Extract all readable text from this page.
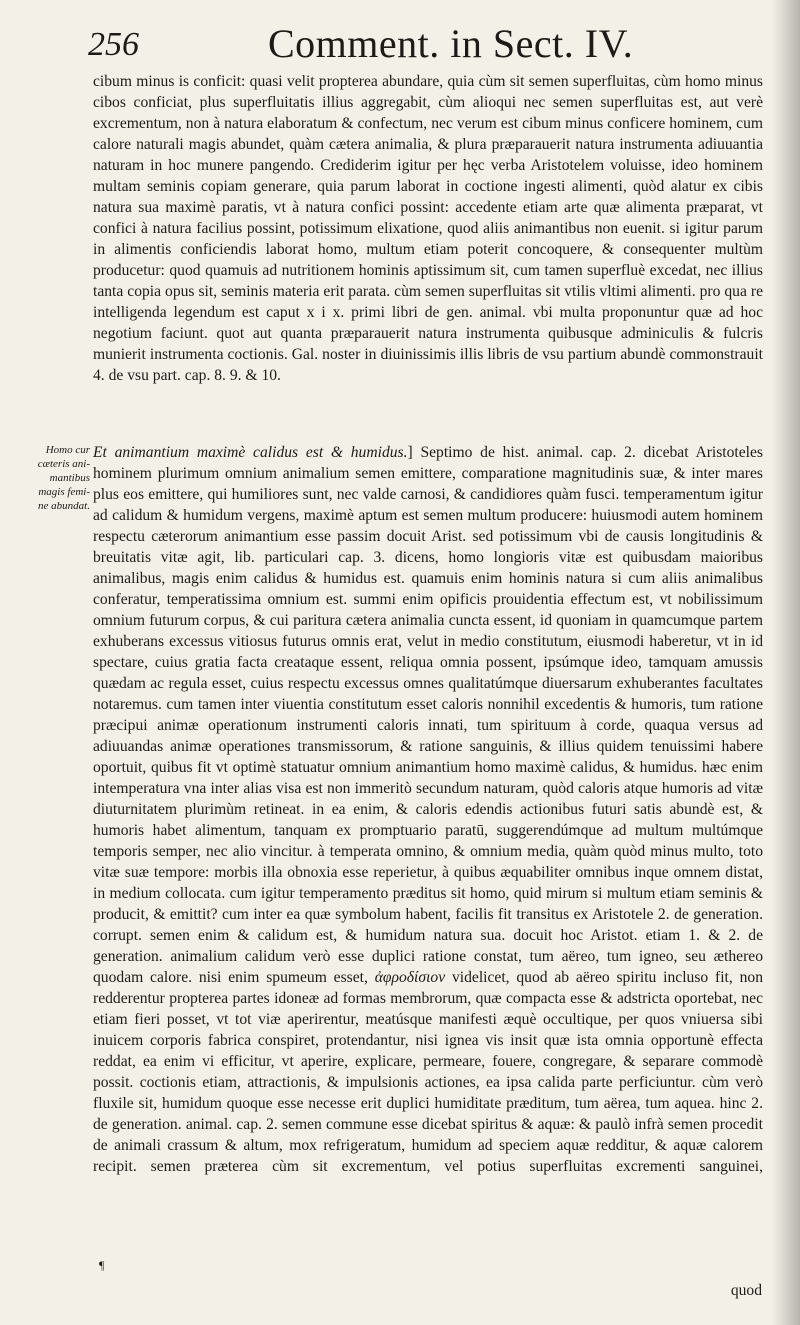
256	Comment. in Sect. IV.
cibum minus is conficit: quasi velit propterea abundare, quia cùm sit semen superfluitas, cùm homo minus cibos conficiat, plus superfluitatis illius aggregabit, cùm alioqui nec semen superfluitas est, aut verè excrementum, non à natura elaboratum & confectum, nec verum est cibum minus conficere hominem, cum calore naturali magis abundet, quàm cætera animalia, & plura præparauerit natura instrumenta adiuuantia naturam in hoc munere pangendo. Crediderim igitur per hęc verba Aristotelem voluisse, ideo hominem multam seminis copiam generare, quia parum laborat in coctione ingesti alimenti, quòd alatur ex cibis natura sua maximè paratis, vt à natura confici possint: accedente etiam arte quæ alimenta præparat, vt confici à natura facilius possint, potissimum elixatione, quod aliis animantibus non euenit. si igitur parum in alimentis conficiendis laborat homo, multum etiam poterit concoquere, & consequenter multùm producetur: quod quamuis ad nutritionem hominis aptissimum sit, cum tamen superfluè excedat, nec illius tanta copia opus sit, seminis materia erit parata. cùm semen superfluitas sit vtilis vltimi alimenti. pro qua re intelligenda legendum est caput x i x. primi libri de gen. animal. vbi multa proponuntur quæ ad hoc negotium faciunt. quot aut quanta præparauerit natura instrumenta quibusque adminiculis & fulcris munierit instrumenta coctionis. Gal. noster in diuinissimis illis libris de vsu partium abundè commonstrauit 4. de vsu part. cap. 8. 9. & 10.
Homo cur
cæteris ani-
mantibus
magis femi-
ne abundat.
Et animantium maximè calidus est & humidus.] Septimo de hist. animal. cap. 2. dicebat Aristoteles hominem plurimum omnium animalium semen emittere, comparatione magnitudinis suæ, & inter mares plus eos emittere, qui humiliores sunt, nec valde carnosi, & candidiores quàm fusci. temperamentum igitur ad calidum & humidum vergens, maximè aptum est semen multum producere: huiusmodi autem hominem respectu cæterorum animantium esse passim docuit Arist. sed potissimum vbi de causis longitudinis & breuitatis vitæ agit, lib. particulari cap. 3. dicens, homo longioris vitæ est quibusdam maioribus animalibus, magis enim calidus & humidus est. quamuis enim hominis natura si cum aliis animalibus conferatur, temperatissima omnium est. summi enim opificis prouidentia effectum est, vt nobilissimum omnium futurum corpus, & cui paritura cætera animalia cuncta essent, id quoniam in quamcumque partem exhuberans excessus vitiosus futurus omnis erat, velut in medio constitutum, eiusmodi haberetur, vt in id spectare, cuius gratia facta creataque essent, reliqua omnia possent, ipsúmque ideo, tamquam amussis quædam ac regula esset, cuius respectu excessus omnes qualitatúmque diuersarum exhuberantes facultates notaremus. cum tamen inter viuentia constitutum esset caloris nonnihil excedentis & humoris, tum ratione præcipui animæ operationum instrumenti caloris innati, tum spirituum à corde, quaqua versus ad adiuuandas animæ operationes transmissorum, & ratione sanguinis, & illius quidem tenuissimi habere oportuit, quibus fit vt optimè statuatur omnium animantium homo maximè calidus, & humidus. hæc enim intemperatura vna inter alias visa est non immeritò secundum naturam, quòd caloris atque humoris ad vitæ diuturnitatem plurimùm retineat. in ea enim, & caloris edendis actionibus futuri satis abundè est, & humoris habet alimentum, tanquam ex promptuario paratū, suggerendúmque ad multum multúmque temporis semper, nec alio vincitur. à temperata omnino, & omnium media, quàm quòd minus multo, toto vitæ suæ tempore: morbis illa obnoxia esse reperietur, à quibus æquabiliter omnibus inque omnem distat, in medium collocata. cum igitur temperamento præditus sit homo, quid mirum si multum etiam seminis & producit, & emittit? cum inter ea quæ symbolum habent, facilis fit transitus ex Aristotele 2. de generation. corrupt. semen enim & calidum est, & humidum natura sua. docuit hoc Aristot. etiam 1. & 2. de generation. animalium calidum verò esse duplici ratione constat, tum aëreo, tum igneo, seu æthereo quodam calore. nisi enim spumeum esset, ἀφροδίσιον videlicet, quod ab aëreo spiritu incluso fit, non redderentur propterea partes idoneæ ad formas membrorum, quæ compacta esse & adstricta oportebat, nec etiam fieri posset, vt tot viæ aperirentur, meatúsque manifesti æquè occultique, per quos vniuersa sibi inuicem corporis fabrica conspiret, protendantur, nisi ignea vis insit quæ ista omnia opportunè effecta reddat, ea enim vi efficitur, vt aperire, explicare, permeare, fouere, congregare, & separare commodè possit. coctionis etiam, attractionis, & impulsionis actiones, ea ipsa calida parte perficiuntur. cùm verò fluxile sit, humidum quoque esse necesse erit duplici humiditate præditum, tum aërea, tum aquea. hinc 2. de generation. animal. cap. 2. semen commune esse dicebat spiritus & aquæ: & paulò infrà semen procedit de animali crassum & altum, mox refrigeratum, humidum ad speciem aquæ redditur, & aquæ calorem recipit. semen præterea cùm sit excrementum, vel potius superfluitas excrementi sanguinei,
¶
quod
